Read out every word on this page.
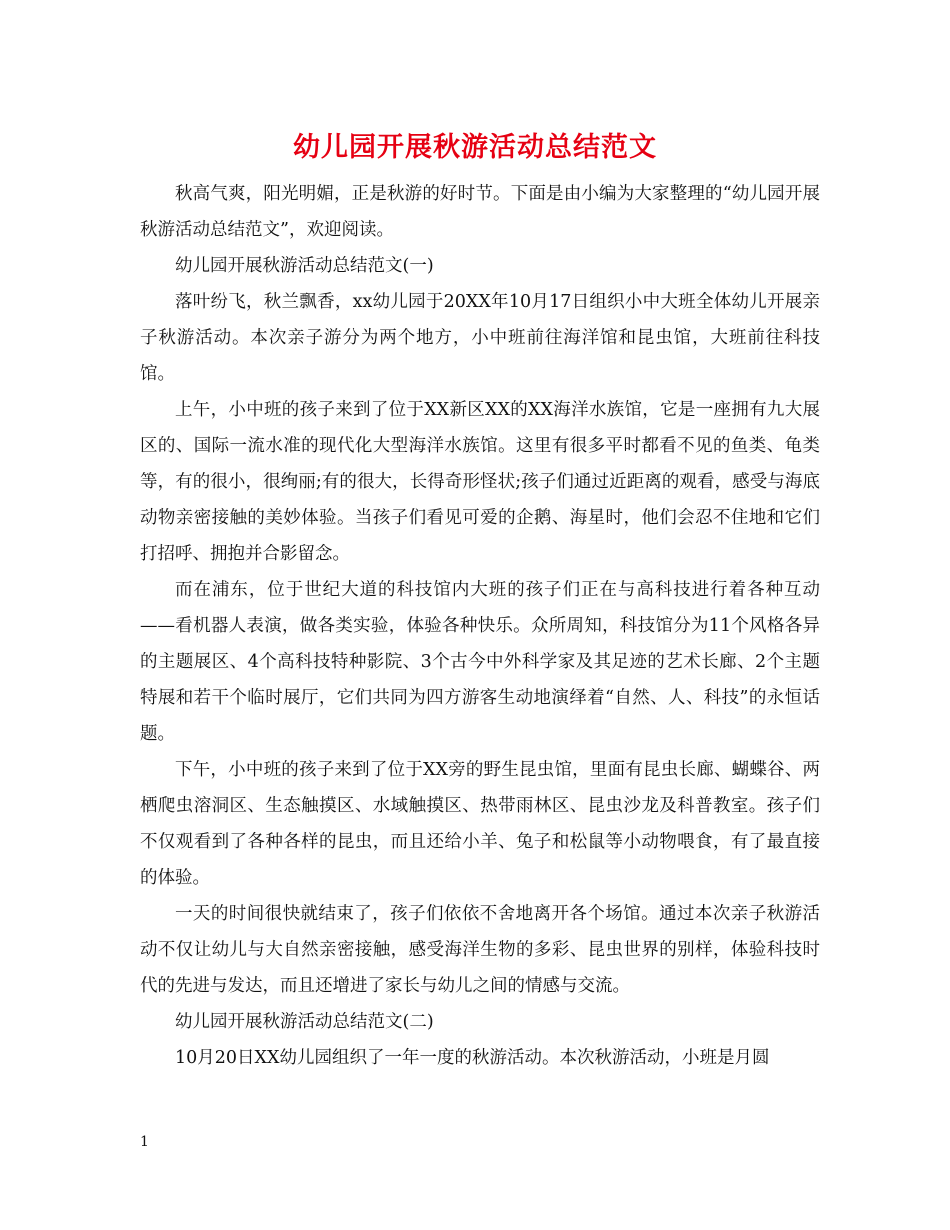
幼儿园开展秋游活动总结范文

秋高气爽，阳光明媚，正是秋游的好时节。下面是由小编为大家整理的“幼儿园开展秋游活动总结范文”，欢迎阅读。

幼儿园开展秋游活动总结范文(一)

落叶纷飞，秋兰飘香，xx幼儿园于20XX年10月17日组织小中大班全体幼儿开展亲子秋游活动。本次亲子游分为两个地方，小中班前往海洋馆和昆虫馆，大班前往科技馆。

上午，小中班的孩子来到了位于XX新区XX的XX海洋水族馆，它是一座拥有九大展区的、国际一流水准的现代化大型海洋水族馆。这里有很多平时都看不见的鱼类、龟类等，有的很小，很绚丽;有的很大，长得奇形怪状;孩子们通过近距离的观看，感受与海底动物亲密接触的美妙体验。当孩子们看见可爱的企鹅、海星时，他们会忍不住地和它们打招呼、拥抱并合影留念。

而在浦东，位于世纪大道的科技馆内大班的孩子们正在与高科技进行着各种互动——看机器人表演，做各类实验，体验各种快乐。众所周知，科技馆分为11个风格各异的主题展区、4个高科技特种影院、3个古今中外科学家及其足迹的艺术长廊、2个主题特展和若干个临时展厅，它们共同为四方游客生动地演绎着“自然、人、科技”的永恒话题。

下午，小中班的孩子来到了位于XX旁的野生昆虫馆，里面有昆虫长廊、蝴蝶谷、两栖爬虫溶洞区、生态触摸区、水域触摸区、热带雨林区、昆虫沙龙及科普教室。孩子们不仅观看到了各种各样的昆虫，而且还给小羊、兔子和松鼠等小动物喂食，有了最直接的体验。

一天的时间很快就结束了，孩子们依依不舍地离开各个场馆。通过本次亲子秋游活动不仅让幼儿与大自然亲密接触，感受海洋生物的多彩、昆虫世界的别样，体验科技时代的先进与发达，而且还增进了家长与幼儿之间的情感与交流。

幼儿园开展秋游活动总结范文(二)

10月20日XX幼儿园组织了一年一度的秋游活动。本次秋游活动，小班是月圆

1
